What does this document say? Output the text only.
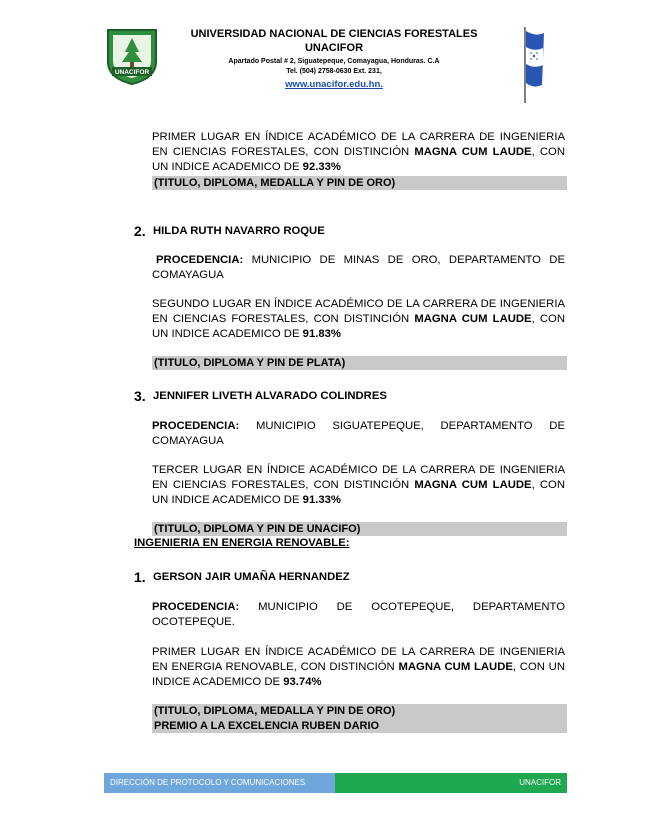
UNACIFOR
UNIVERSIDAD NACIONAL DE CIENCIAS FORESTALES
UNACIFOR
Apartado Postal # 2, Siguatepeque, Comayagua, Honduras. C.A
Tel. (504) 2758-0630 Ext. 231,
www.unacifor.edu.hn.
PRIMER LUGAR EN ÍNDICE ACADÉMICO DE LA CARRERA DE INGENIERIA EN CIENCIAS FORESTALES, CON DISTINCIÓN MAGNA CUM LAUDE, CON UN INDICE ACADEMICO DE 92.33%
(TITULO, DIPLOMA, MEDALLA Y PIN DE ORO)
2. HILDA RUTH NAVARRO ROQUE
PROCEDENCIA: MUNICIPIO DE MINAS DE ORO, DEPARTAMENTO DE COMAYAGUA
SEGUNDO LUGAR EN ÍNDICE ACADÉMICO DE LA CARRERA DE INGENIERIA EN CIENCIAS FORESTALES, CON DISTINCIÓN MAGNA CUM LAUDE, CON UN INDICE ACADEMICO DE 91.83%
(TITULO, DIPLOMA Y PIN DE PLATA)
3. JENNIFER LIVETH ALVARADO COLINDRES
PROCEDENCIA: MUNICIPIO SIGUATEPEQUE, DEPARTAMENTO DE COMAYAGUA
TERCER LUGAR EN ÍNDICE ACADÉMICO DE LA CARRERA DE INGENIERIA EN CIENCIAS FORESTALES, CON DISTINCIÓN MAGNA CUM LAUDE, CON UN INDICE ACADEMICO DE 91.33%
(TITULO, DIPLOMA Y PIN DE UNACIFO)
INGENIERIA EN ENERGIA RENOVABLE:
1. GERSON JAIR UMAÑA HERNANDEZ
PROCEDENCIA: MUNICIPIO DE OCOTEPEQUE, DEPARTAMENTO OCOTEPEQUE.
PRIMER LUGAR EN ÍNDICE ACADÉMICO DE LA CARRERA DE INGENIERIA EN ENERGIA RENOVABLE, CON DISTINCIÓN MAGNA CUM LAUDE, CON UN INDICE ACADEMICO DE 93.74%
(TITULO, DIPLOMA, MEDALLA Y PIN DE ORO)
PREMIO A LA EXCELENCIA RUBEN DARIO
DIRECCIÓN DE PROTOCOLO Y COMUNICACIONES	UNACIFOR
